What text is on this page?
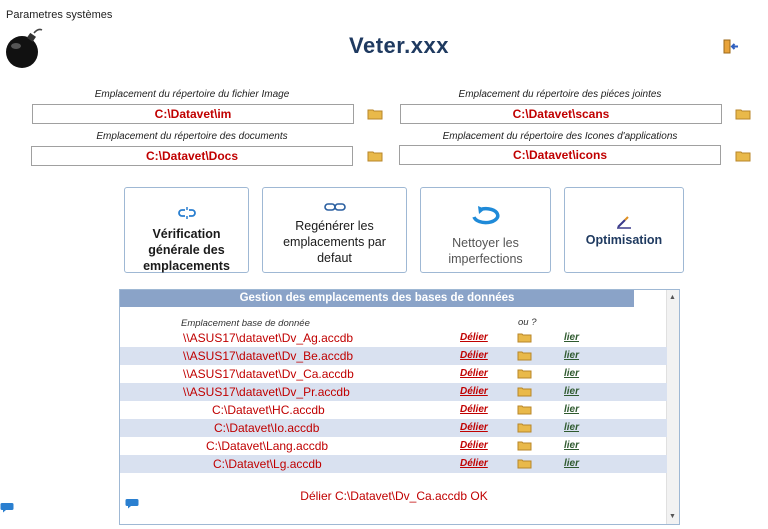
Parametres systèmes
Veter.xxx
Emplacement du répertoire du fichier Image
C:\Datavet\im
Emplacement du répertoire des piéces jointes
C:\Datavet\scans
Emplacement du répertoire des documents
C:\Datavet\Docs
Emplacement du répertoire des Icones d'applications
C:\Datavet\icons
Vérification générale des emplacements
Regénérer les emplacements par defaut
Nettoyer les imperfections
Optimisation
Gestion des emplacements des bases de données	▲
▼
Emplacement base de donnée	ou ?
\\ASUS17\datavet\Dv_Ag.accdb	Délier	lier
\\ASUS17\datavet\Dv_Be.accdb	Délier	lier
\\ASUS17\datavet\Dv_Ca.accdb	Délier	lier
\\ASUS17\datavet\Dv_Pr.accdb	Délier	lier
C:\Datavet\HC.accdb	Délier	lier
C:\Datavet\Io.accdb	Délier	lier
C:\Datavet\Lang.accdb	Délier	lier
C:\Datavet\Lg.accdb	Délier	lier
Délier C:\Datavet\Dv_Ca.accdb OK
